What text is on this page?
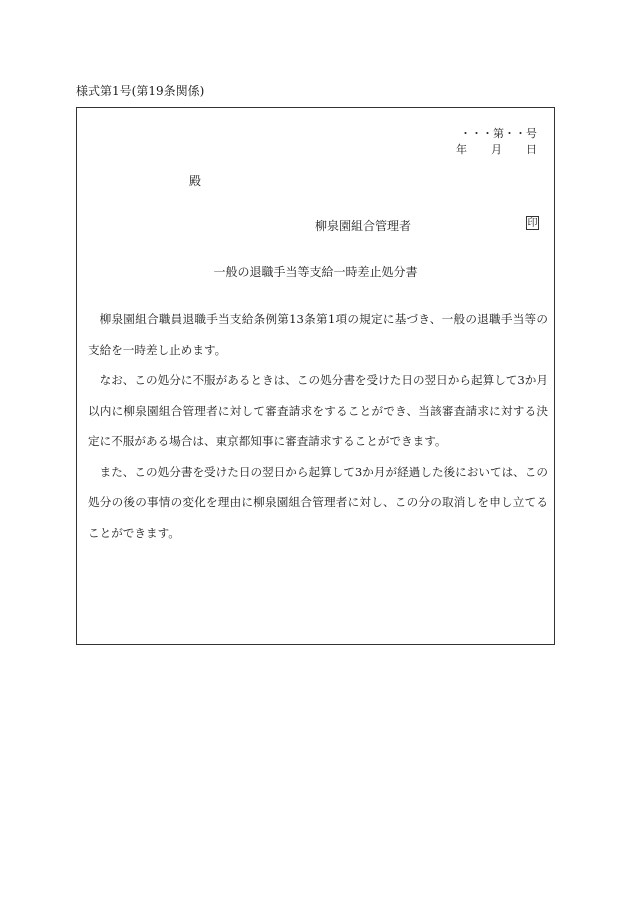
様式第1号(第19条関係)
・・・第・・号
年 月 日
殿
柳泉園組合管理者	印
一般の退職手当等支給一時差止処分書

柳泉園組合職員退職手当支給条例第13条第1項の規定に基づき、一般の退職手当等の支給を一時差し止めます。

なお、この処分に不服があるときは、この処分書を受けた日の翌日から起算して3か月以内に柳泉園組合管理者に対して審査請求をすることができ、当該審査請求に対する決定に不服がある場合は、東京都知事に審査請求することができます。

また、この処分書を受けた日の翌日から起算して3か月が経過した後においては、この処分の後の事情の変化を理由に柳泉園組合管理者に対し、この分の取消しを申し立てることができます。
